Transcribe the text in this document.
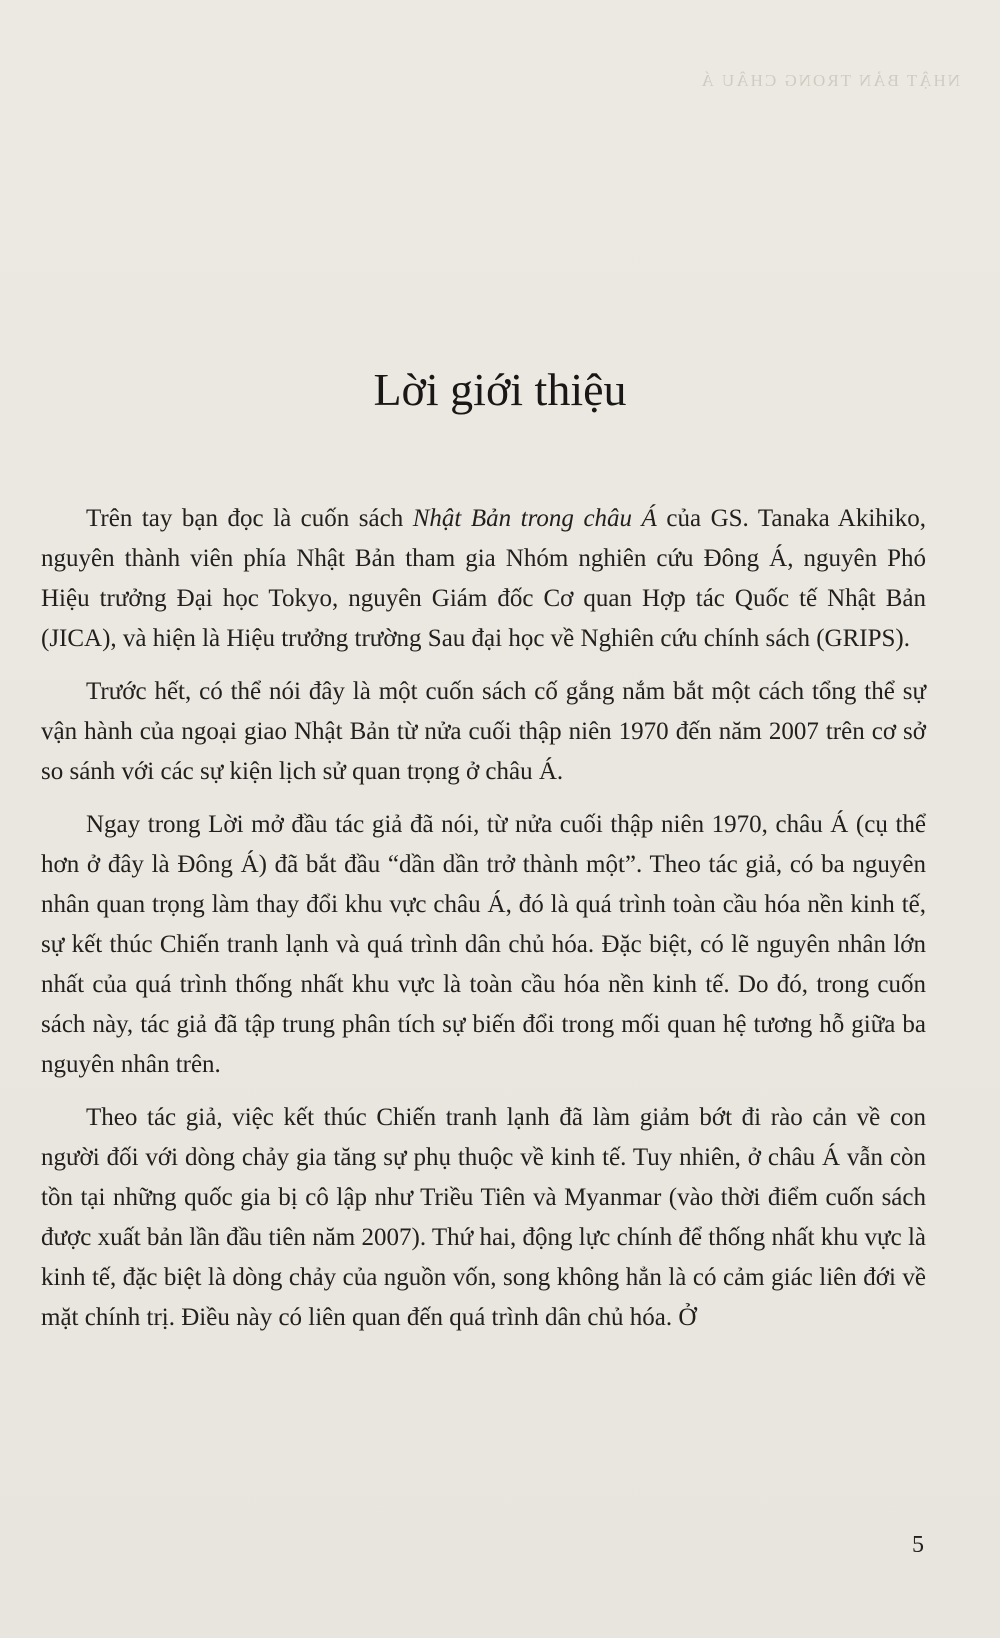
NHẬT BẢN TRONG CHÂU Á
Lời giới thiệu

Trên tay bạn đọc là cuốn sách Nhật Bản trong châu Á của GS. Tanaka Akihiko, nguyên thành viên phía Nhật Bản tham gia Nhóm nghiên cứu Đông Á, nguyên Phó Hiệu trưởng Đại học Tokyo, nguyên Giám đốc Cơ quan Hợp tác Quốc tế Nhật Bản (JICA), và hiện là Hiệu trưởng trường Sau đại học về Nghiên cứu chính sách (GRIPS).

Trước hết, có thể nói đây là một cuốn sách cố gắng nắm bắt một cách tổng thể sự vận hành của ngoại giao Nhật Bản từ nửa cuối thập niên 1970 đến năm 2007 trên cơ sở so sánh với các sự kiện lịch sử quan trọng ở châu Á.

Ngay trong Lời mở đầu tác giả đã nói, từ nửa cuối thập niên 1970, châu Á (cụ thể hơn ở đây là Đông Á) đã bắt đầu “dần dần trở thành một”. Theo tác giả, có ba nguyên nhân quan trọng làm thay đổi khu vực châu Á, đó là quá trình toàn cầu hóa nền kinh tế, sự kết thúc Chiến tranh lạnh và quá trình dân chủ hóa. Đặc biệt, có lẽ nguyên nhân lớn nhất của quá trình thống nhất khu vực là toàn cầu hóa nền kinh tế. Do đó, trong cuốn sách này, tác giả đã tập trung phân tích sự biến đổi trong mối quan hệ tương hỗ giữa ba nguyên nhân trên.

Theo tác giả, việc kết thúc Chiến tranh lạnh đã làm giảm bớt đi rào cản về con người đối với dòng chảy gia tăng sự phụ thuộc về kinh tế. Tuy nhiên, ở châu Á vẫn còn tồn tại những quốc gia bị cô lập như Triều Tiên và Myanmar (vào thời điểm cuốn sách được xuất bản lần đầu tiên năm 2007). Thứ hai, động lực chính để thống nhất khu vực là kinh tế, đặc biệt là dòng chảy của nguồn vốn, song không hẳn là có cảm giác liên đới về mặt chính trị. Điều này có liên quan đến quá trình dân chủ hóa. Ở

5
